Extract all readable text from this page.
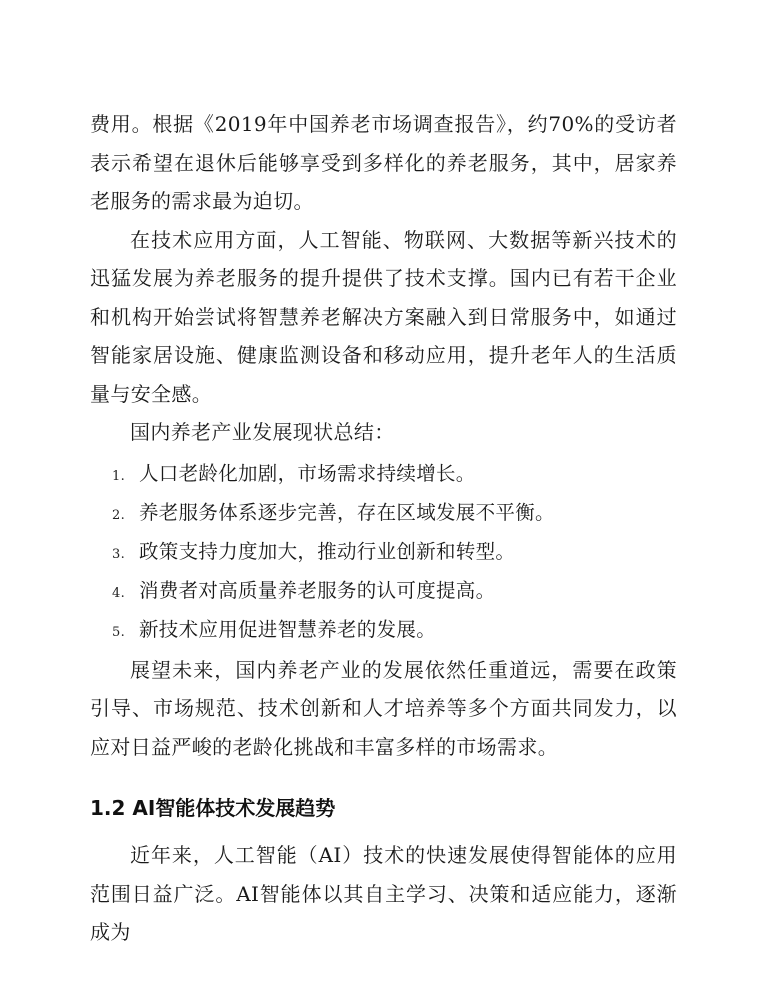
费用。根据《2019年中国养老市场调查报告》，约70%的受访者表示希望在退休后能够享受到多样化的养老服务，其中，居家养老服务的需求最为迫切。

在技术应用方面，人工智能、物联网、大数据等新兴技术的迅猛发展为养老服务的提升提供了技术支撑。国内已有若干企业和机构开始尝试将智慧养老解决方案融入到日常服务中，如通过智能家居设施、健康监测设备和移动应用，提升老年人的生活质量与安全感。

国内养老产业发展现状总结：

1. 人口老龄化加剧，市场需求持续增长。
2. 养老服务体系逐步完善，存在区域发展不平衡。
3. 政策支持力度加大，推动行业创新和转型。
4. 消费者对高质量养老服务的认可度提高。
5. 新技术应用促进智慧养老的发展。

展望未来，国内养老产业的发展依然任重道远，需要在政策引导、市场规范、技术创新和人才培养等多个方面共同发力，以应对日益严峻的老龄化挑战和丰富多样的市场需求。

1.2 AI智能体技术发展趋势

近年来，人工智能（AI）技术的快速发展使得智能体的应用范围日益广泛。AI智能体以其自主学习、决策和适应能力，逐渐成为
